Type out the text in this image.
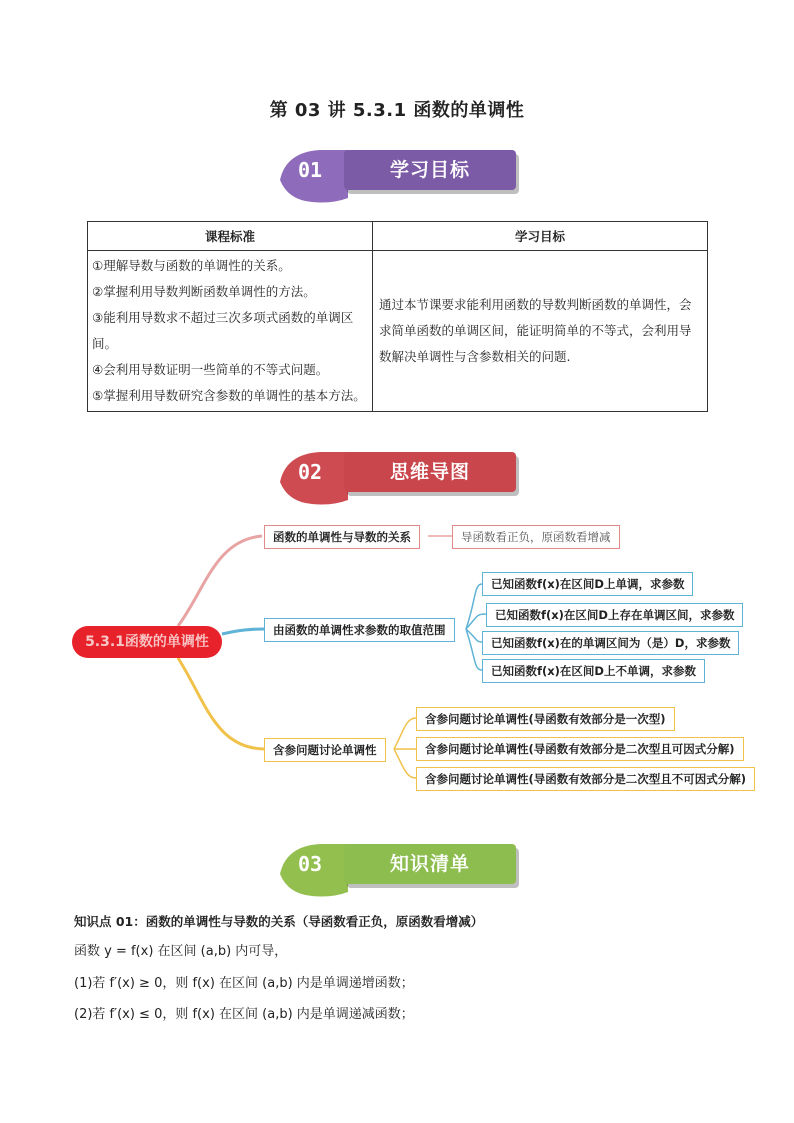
第 03 讲 5.3.1 函数的单调性
01	学习目标
课程标准	学习目标

①理解导数与函数的单调性的关系。
②掌握利用导数判断函数单调性的方法。
③能利用导数求不超过三次多项式函数的单调区间。
④会利用导数证明一些简单的不等式问题。
⑤掌握利用导数研究含参数的单调性的基本方法。	通过本节课要求能利用函数的导数判断函数的单调性，会求简单函数的单调区间，能证明简单的不等式，会利用导数解决单调性与含参数相关的问题.
02	思维导图
5.3.1函数的单调性
函数的单调性与导数的关系	导函数看正负，原函数看增减
由函数的单调性求参数的取值范围
已知函数f(x)在区间D上单调，求参数
已知函数f(x)在区间D上存在单调区间，求参数
已知函数f(x)在的单调区间为（是）D，求参数
已知函数f(x)在区间D上不单调，求参数
含参问题讨论单调性
含参问题讨论单调性(导函数有效部分是一次型)
含参问题讨论单调性(导函数有效部分是二次型且可因式分解)
含参问题讨论单调性(导函数有效部分是二次型且不可因式分解)
03	知识清单
知识点 01：函数的单调性与导数的关系（导函数看正负，原函数看增减）
函数 y = f(x) 在区间 (a,b) 内可导，
(1)若 f′(x) ≥ 0，则 f(x) 在区间 (a,b) 内是单调递增函数；
(2)若 f′(x) ≤ 0，则 f(x) 在区间 (a,b) 内是单调递减函数；
